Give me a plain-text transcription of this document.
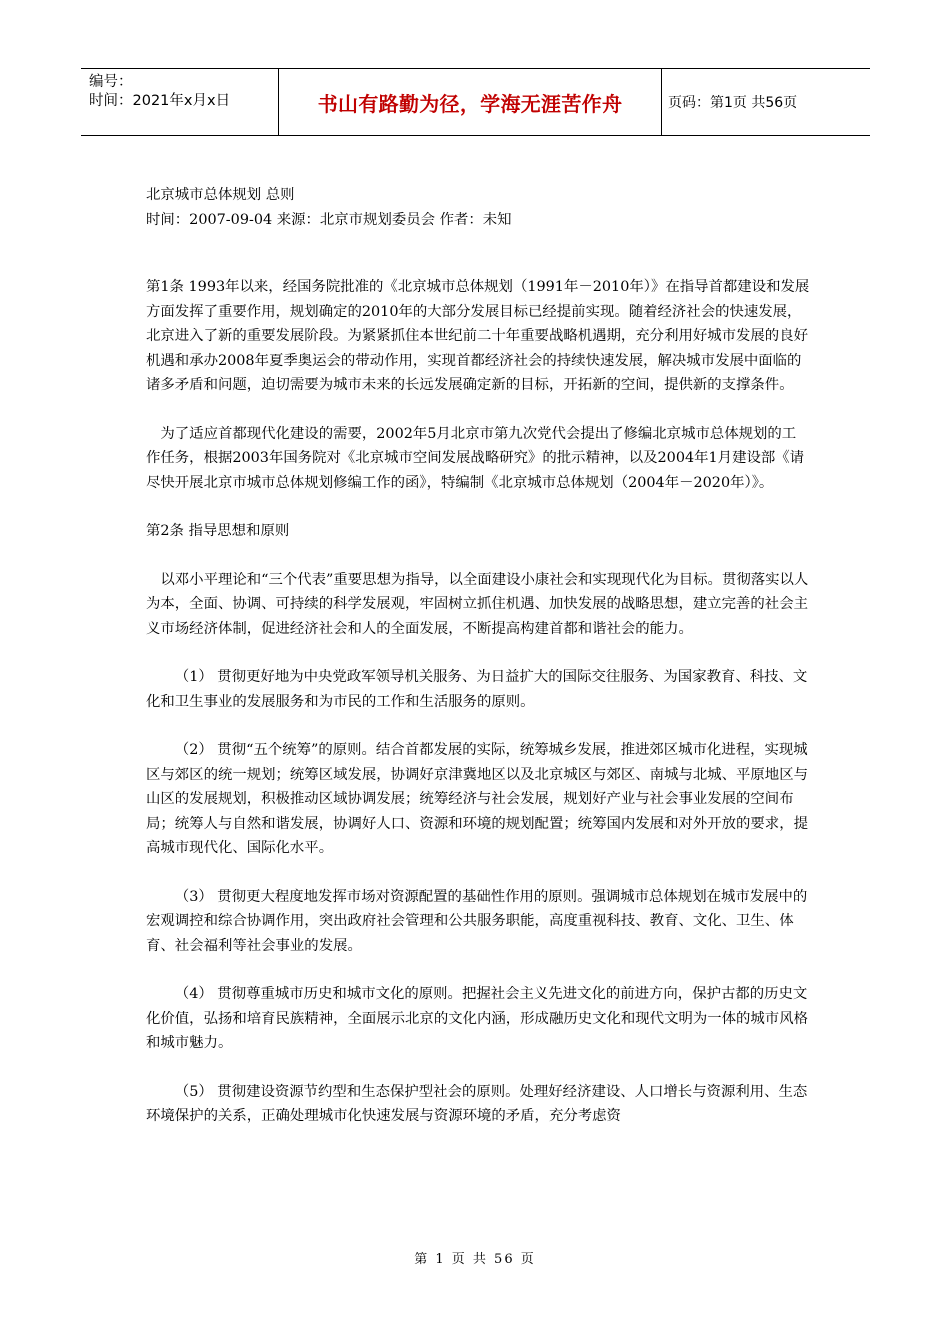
编号：
时间：2021年x月x日	书山有路勤为径，学海无涯苦作舟	页码：第1页 共56页

北京城市总体规划 总则

时间：2007-09-04 来源：北京市规划委员会 作者：未知

第1条 1993年以来，经国务院批准的《北京城市总体规划（1991年－2010年）》在指导首都建设和发展方面发挥了重要作用，规划确定的2010年的大部分发展目标已经提前实现。随着经济社会的快速发展，北京进入了新的重要发展阶段。为紧紧抓住本世纪前二十年重要战略机遇期，充分利用好城市发展的良好机遇和承办2008年夏季奥运会的带动作用，实现首都经济社会的持续快速发展，解决城市发展中面临的诸多矛盾和问题，迫切需要为城市未来的长远发展确定新的目标，开拓新的空间，提供新的支撑条件。

为了适应首都现代化建设的需要，2002年5月北京市第九次党代会提出了修编北京城市总体规划的工作任务，根据2003年国务院对《北京城市空间发展战略研究》的批示精神，以及2004年1月建设部《请尽快开展北京市城市总体规划修编工作的函》，特编制《北京城市总体规划（2004年－2020年）》。

第2条 指导思想和原则

以邓小平理论和“三个代表”重要思想为指导，以全面建设小康社会和实现现代化为目标。贯彻落实以人为本，全面、协调、可持续的科学发展观，牢固树立抓住机遇、加快发展的战略思想，建立完善的社会主义市场经济体制，促进经济社会和人的全面发展，不断提高构建首都和谐社会的能力。

（1） 贯彻更好地为中央党政军领导机关服务、为日益扩大的国际交往服务、为国家教育、科技、文化和卫生事业的发展服务和为市民的工作和生活服务的原则。

（2） 贯彻“五个统筹”的原则。结合首都发展的实际，统筹城乡发展，推进郊区城市化进程，实现城区与郊区的统一规划；统筹区域发展，协调好京津冀地区以及北京城区与郊区、南城与北城、平原地区与山区的发展规划，积极推动区域协调发展；统筹经济与社会发展，规划好产业与社会事业发展的空间布局；统筹人与自然和谐发展，协调好人口、资源和环境的规划配置；统筹国内发展和对外开放的要求，提高城市现代化、国际化水平。

（3） 贯彻更大程度地发挥市场对资源配置的基础性作用的原则。强调城市总体规划在城市发展中的宏观调控和综合协调作用，突出政府社会管理和公共服务职能，高度重视科技、教育、文化、卫生、体育、社会福利等社会事业的发展。

（4） 贯彻尊重城市历史和城市文化的原则。把握社会主义先进文化的前进方向，保护古都的历史文化价值，弘扬和培育民族精神，全面展示北京的文化内涵，形成融历史文化和现代文明为一体的城市风格和城市魅力。

（5） 贯彻建设资源节约型和生态保护型社会的原则。处理好经济建设、人口增长与资源利用、生态环境保护的关系，正确处理城市化快速发展与资源环境的矛盾，充分考虑资

第 1 页 共 56 页
